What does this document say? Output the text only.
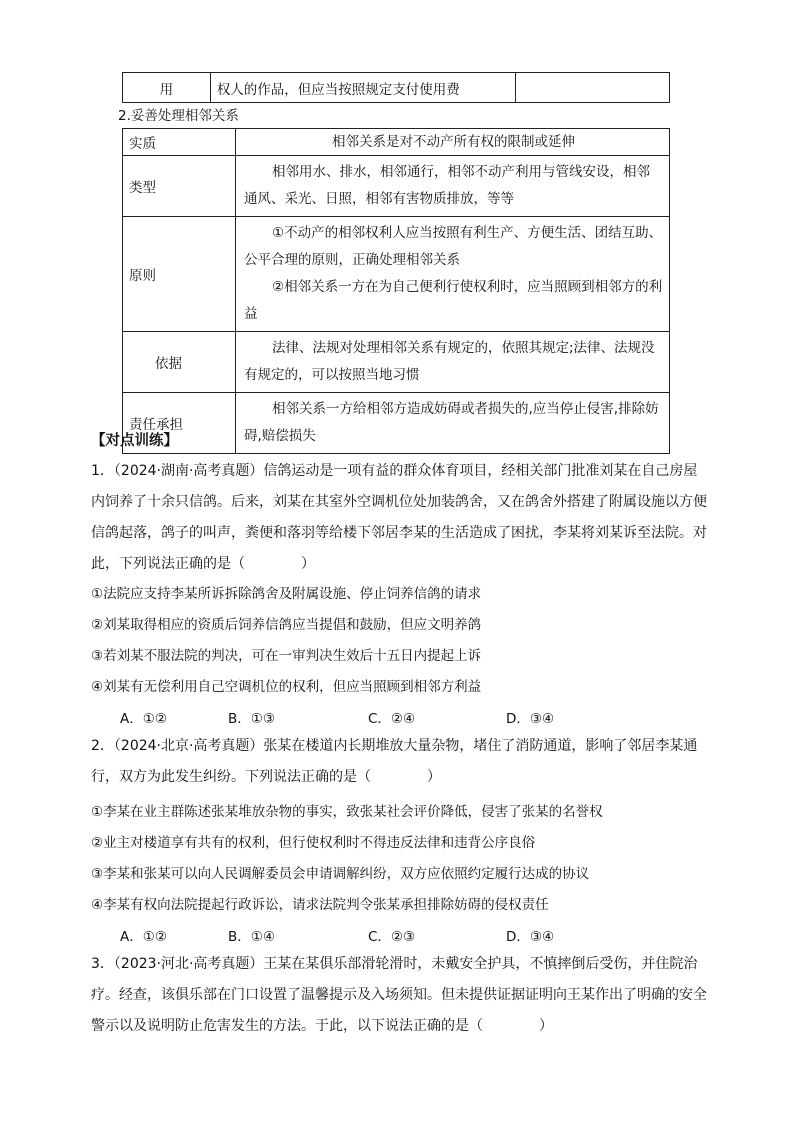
用	权人的作品，但应当按照规定支付使用费	
2.妥善处理相邻关系
实质	相邻关系是对不动产所有权的限制或延伸
类型	相邻用水、排水，相邻通行，相邻不动产利用与管线安设，相邻通风、采光、日照，相邻有害物质排放，等等

原则	①不动产的相邻权利人应当按照有利生产、方便生活、团结互助、公平合理的原则，正确处理相邻关系

②相邻关系一方在为自己便利行使权利时，应当照顾到相邻方的利益

依据	法律、法规对处理相邻关系有规定的，依照其规定;法律、法规没有规定的，可以按照当地习惯

责任承担	相邻关系一方给相邻方造成妨碍或者损失的,应当停止侵害,排除妨碍,赔偿损失

【对点训练】
1．（2024·湖南·高考真题）信鸽运动是一项有益的群众体育项目，经相关部门批准刘某在自己房屋内饲养了十余只信鸽。后来，刘某在其室外空调机位处加装鸽舍，又在鸽舍外搭建了附属设施以方便信鸽起落，鸽子的叫声，粪便和落羽等给楼下邻居李某的生活造成了困扰，李某将刘某诉至法院。对此，下列说法正确的是（　　　　）
①法院应支持李某所诉拆除鸽舍及附属设施、停止饲养信鸽的请求
②刘某取得相应的资质后饲养信鸽应当提倡和鼓励，但应文明养鸽
③若刘某不服法院的判决，可在一审判决生效后十五日内提起上诉
④刘某有无偿利用自己空调机位的权利，但应当照顾到相邻方利益
A．①②	B．①③	C．②④	D．③④
2．（2024·北京·高考真题）张某在楼道内长期堆放大量杂物，堵住了消防通道，影响了邻居李某通行，双方为此发生纠纷。下列说法正确的是（　　　　）
①李某在业主群陈述张某堆放杂物的事实，致张某社会评价降低，侵害了张某的名誉权
②业主对楼道享有共有的权利，但行使权利时不得违反法律和违背公序良俗
③李某和张某可以向人民调解委员会申请调解纠纷，双方应依照约定履行达成的协议
④李某有权向法院提起行政诉讼，请求法院判令张某承担排除妨碍的侵权责任
A．①②	B．①④	C．②③	D．③④
3．（2023·河北·高考真题）王某在某俱乐部滑轮滑时，未戴安全护具，不慎摔倒后受伤，并住院治疗。经查，该俱乐部在门口设置了温馨提示及入场须知。但未提供证据证明向王某作出了明确的安全警示以及说明防止危害发生的方法。于此，以下说法正确的是（　　　　）
